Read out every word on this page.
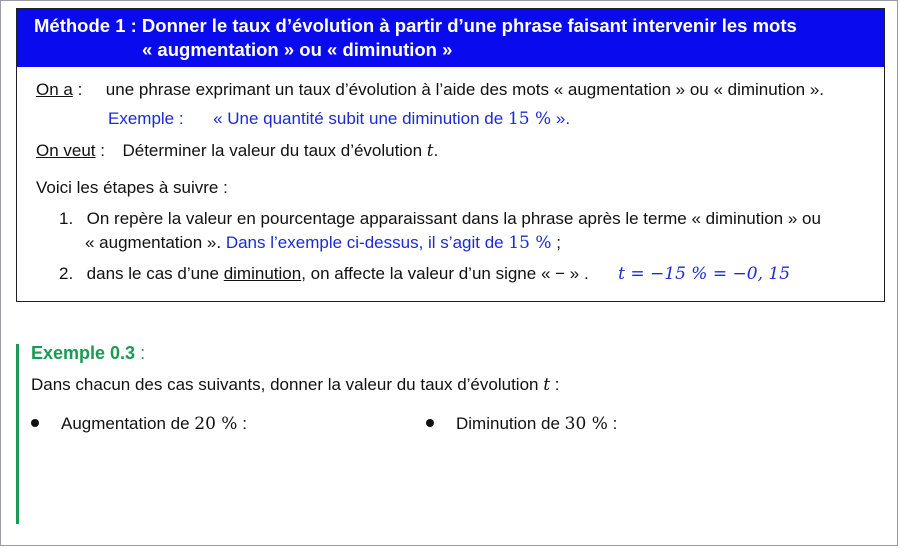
Méthode 1 : Donner le taux d’évolution à partir d’une phrase faisant intervenir les mots
« augmentation » ou « diminution »
On a : une phrase exprimant un taux d’évolution à l’aide des mots « augmentation » ou « diminution ».
Exemple : « Une quantité subit une diminution de 15 % ».
On veut : Déterminer la valeur du taux d’évolution t.
Voici les étapes à suivre :
1. On repère la valeur en pourcentage apparaissant dans la phrase après le terme « diminution » ou
« augmentation ». Dans l’exemple ci-dessus, il s’agit de 15 % ;
2. dans le cas d’une diminution, on affecte la valeur d’un signe « − » . t = −15 % = −0, 15
Exemple 0.3 :
Dans chacun des cas suivants, donner la valeur du taux d’évolution t :
Augmentation de 20 % :	Diminution de 30 % :
